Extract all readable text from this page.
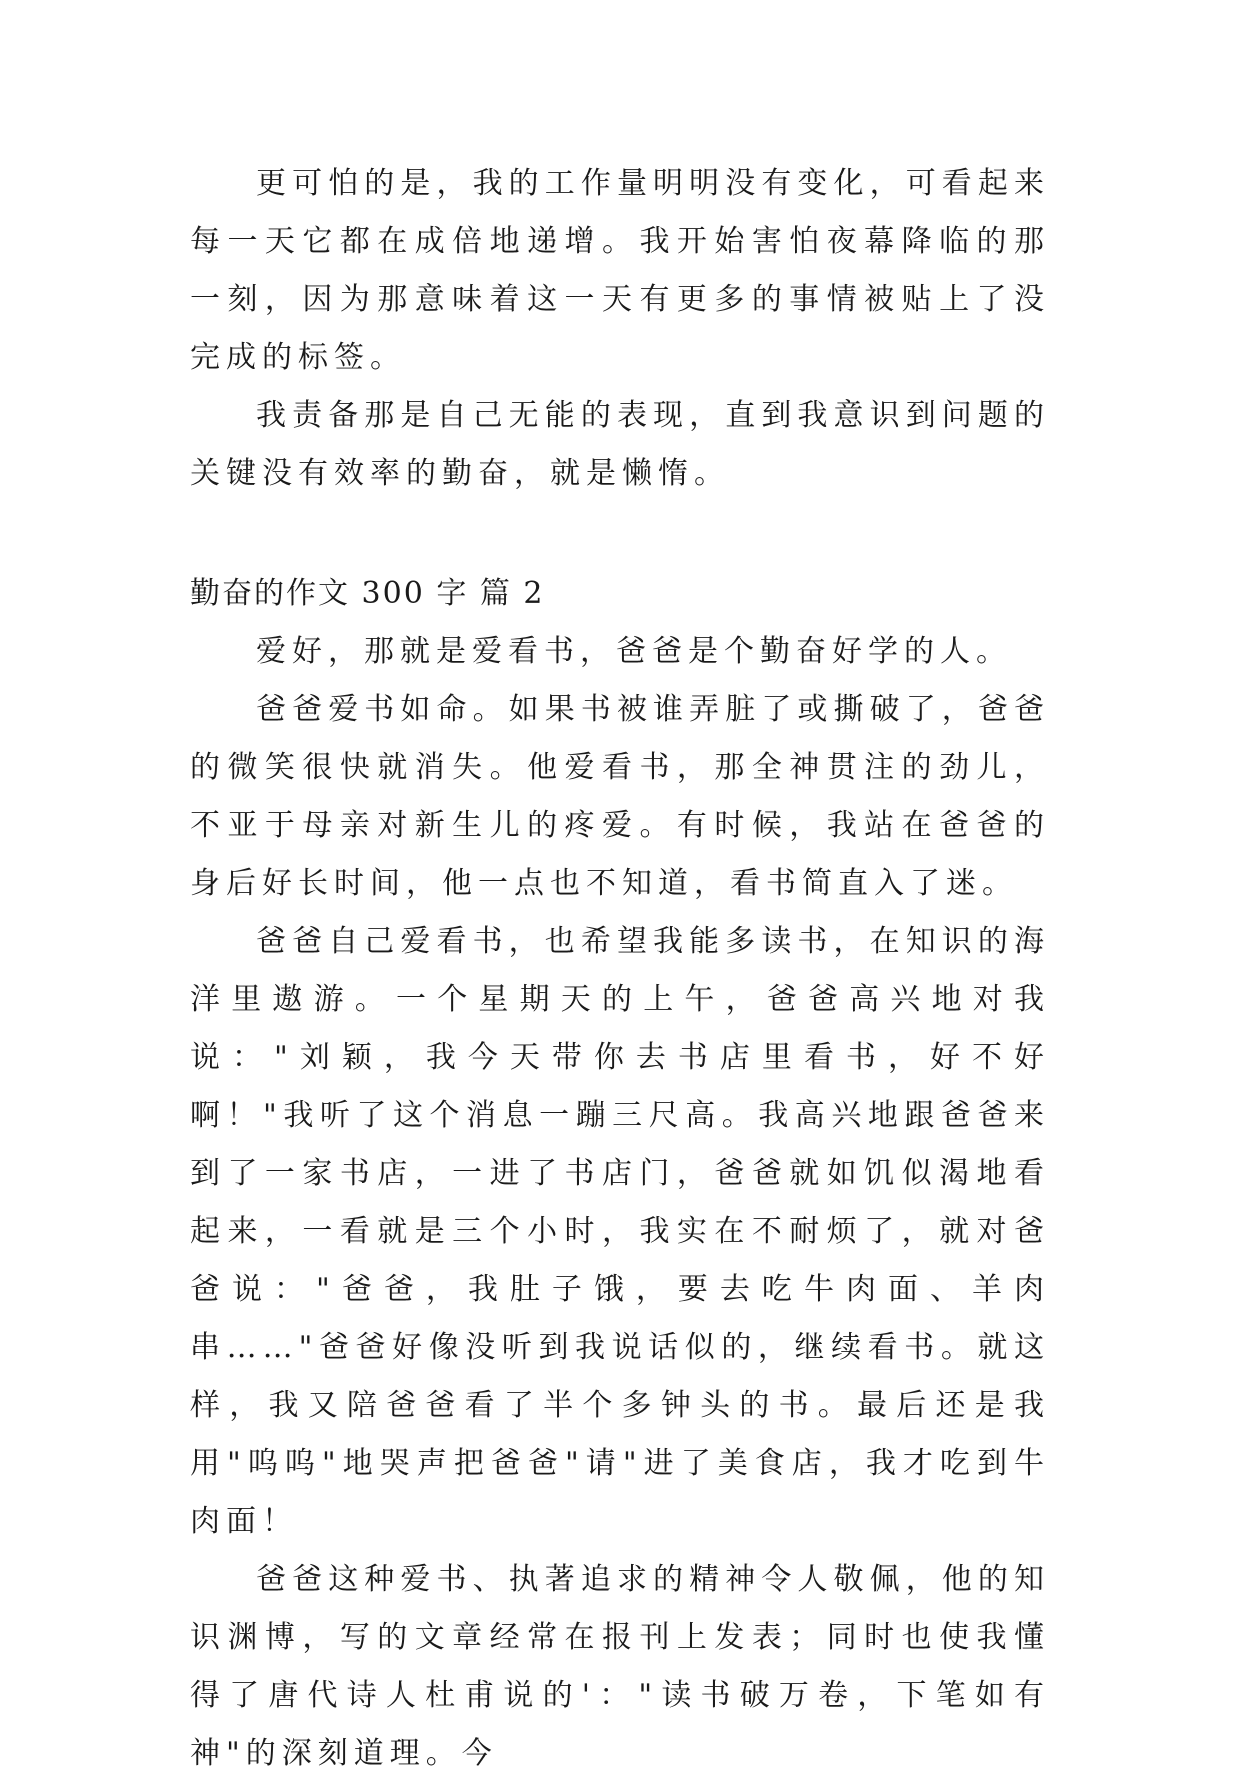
更可怕的是，我的工作量明明没有变化，可看起来每一天它都在成倍地递增。我开始害怕夜幕降临的那一刻，因为那意味着这一天有更多的事情被贴上了没完成的标签。

我责备那是自己无能的表现，直到我意识到问题的关键没有效率的勤奋，就是懒惰。

勤奋的作文 300 字 篇 2

爱好，那就是爱看书，爸爸是个勤奋好学的人。

爸爸爱书如命。如果书被谁弄脏了或撕破了，爸爸的微笑很快就消失。他爱看书，那全神贯注的劲儿，不亚于母亲对新生儿的疼爱。有时候，我站在爸爸的身后好长时间，他一点也不知道，看书简直入了迷。

爸爸自己爱看书，也希望我能多读书，在知识的海洋里遨游。一个星期天的上午，爸爸高兴地对我说："刘颖，我今天带你去书店里看书，好不好啊！"我听了这个消息一蹦三尺高。我高兴地跟爸爸来到了一家书店，一进了书店门，爸爸就如饥似渴地看起来，一看就是三个小时，我实在不耐烦了，就对爸爸说："爸爸，我肚子饿，要去吃牛肉面、羊肉串……"爸爸好像没听到我说话似的，继续看书。就这样，我又陪爸爸看了半个多钟头的书。最后还是我用"呜呜"地哭声把爸爸"请"进了美食店，我才吃到牛肉面！

爸爸这种爱书、执著追求的精神令人敬佩，他的知识渊博，写的文章经常在报刊上发表；同时也使我懂得了唐代诗人杜甫说的'："读书破万卷，下笔如有神"的深刻道理。今
